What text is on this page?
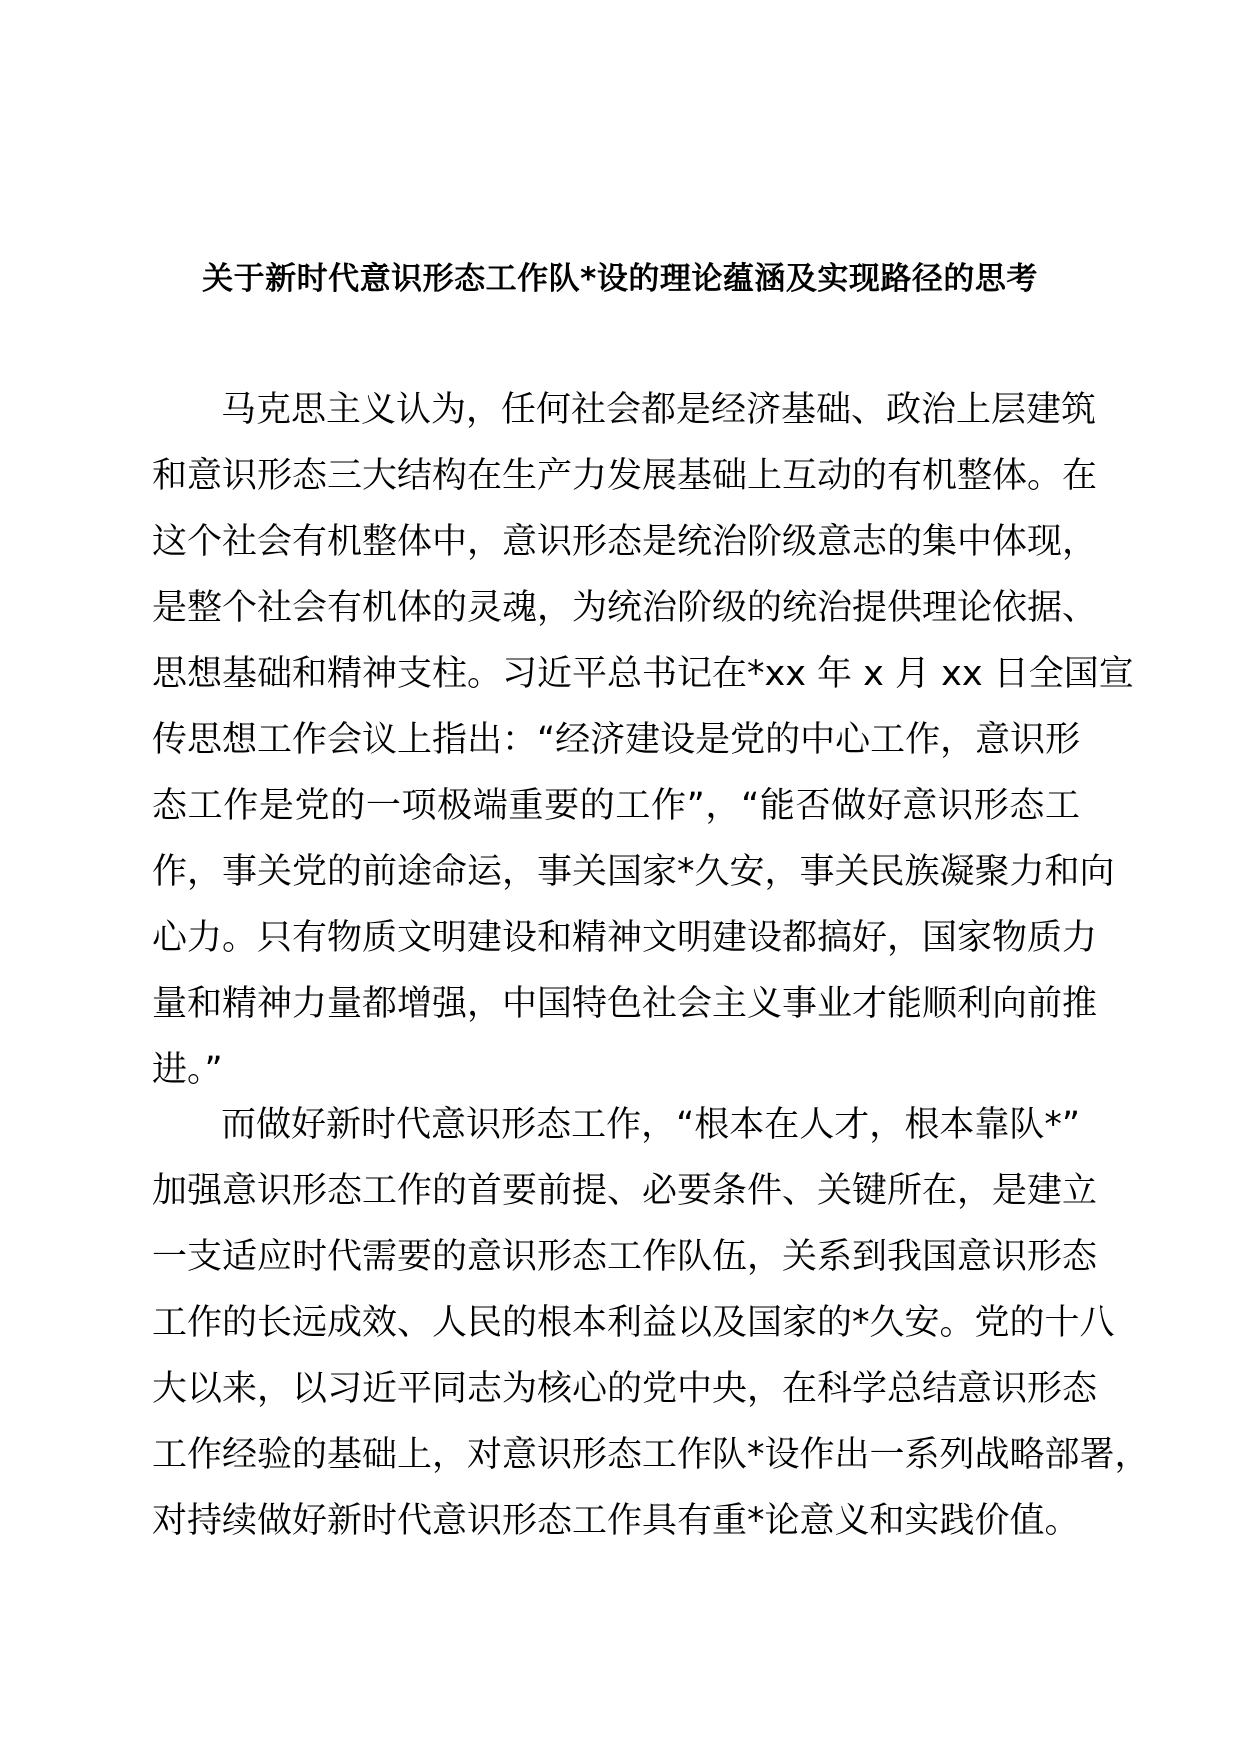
关于新时代意识形态工作队*设的理论蕴涵及实现路径的思考
马克思主义认为，任何社会都是经济基础、政治上层建筑
和意识形态三大结构在生产力发展基础上互动的有机整体。在
这个社会有机整体中，意识形态是统治阶级意志的集中体现，
是整个社会有机体的灵魂，为统治阶级的统治提供理论依据、
思想基础和精神支柱。习近平总书记在*xx 年 x 月 xx 日全国宣
传思想工作会议上指出：“经济建设是党的中心工作，意识形
态工作是党的一项极端重要的工作”，“能否做好意识形态工
作，事关党的前途命运，事关国家*久安，事关民族凝聚力和向
心力。只有物质文明建设和精神文明建设都搞好，国家物质力
量和精神力量都增强，中国特色社会主义事业才能顺利向前推
进。”
而做好新时代意识形态工作，“根本在人才，根本靠队*”
加强意识形态工作的首要前提、必要条件、关键所在，是建立
一支适应时代需要的意识形态工作队伍，关系到我国意识形态
工作的长远成效、人民的根本利益以及国家的*久安。党的十八
大以来，以习近平同志为核心的党中央，在科学总结意识形态
工作经验的基础上，对意识形态工作队*设作出一系列战略部署，
对持续做好新时代意识形态工作具有重*论意义和实践价值。
